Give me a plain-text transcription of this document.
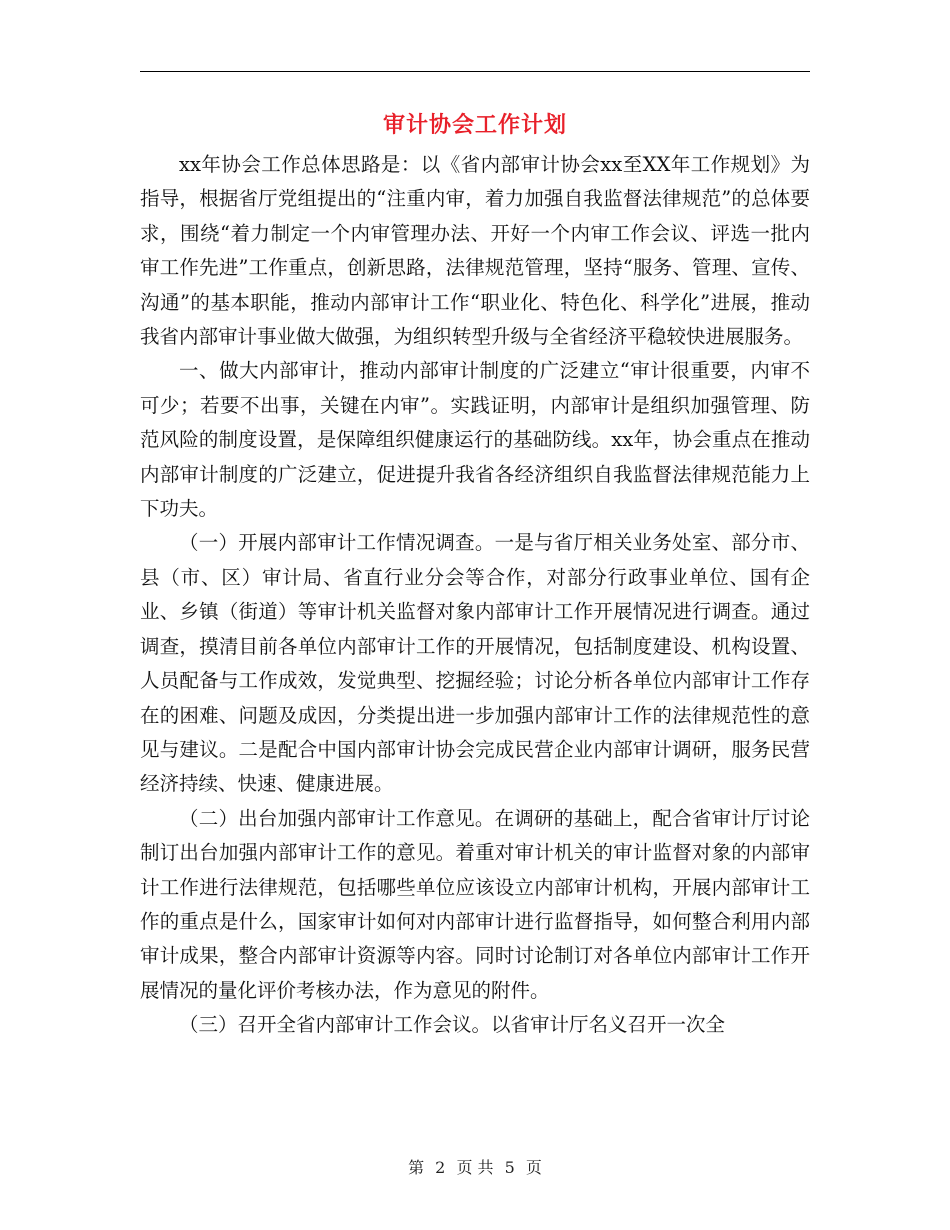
审计协会工作计划

xx年协会工作总体思路是：以《省内部审计协会xx至XX年工作规划》为指导，根据省厅党组提出的“注重内审，着力加强自我监督法律规范”的总体要求，围绕“着力制定一个内审管理办法、开好一个内审工作会议、评选一批内审工作先进”工作重点，创新思路，法律规范管理，坚持“服务、管理、宣传、沟通”的基本职能，推动内部审计工作“职业化、特色化、科学化”进展，推动我省内部审计事业做大做强，为组织转型升级与全省经济平稳较快进展服务。

一、做大内部审计，推动内部审计制度的广泛建立“审计很重要，内审不可少；若要不出事，关键在内审”。实践证明，内部审计是组织加强管理、防范风险的制度设置，是保障组织健康运行的基础防线。xx年，协会重点在推动内部审计制度的广泛建立，促进提升我省各经济组织自我监督法律规范能力上下功夫。

（一）开展内部审计工作情况调查。一是与省厅相关业务处室、部分市、县（市、区）审计局、省直行业分会等合作，对部分行政事业单位、国有企业、乡镇（街道）等审计机关监督对象内部审计工作开展情况进行调查。通过调查，摸清目前各单位内部审计工作的开展情况，包括制度建设、机构设置、人员配备与工作成效，发觉典型、挖掘经验；讨论分析各单位内部审计工作存在的困难、问题及成因，分类提出进一步加强内部审计工作的法律规范性的意见与建议。二是配合中国内部审计协会完成民营企业内部审计调研，服务民营经济持续、快速、健康进展。

（二）出台加强内部审计工作意见。在调研的基础上，配合省审计厅讨论制订出台加强内部审计工作的意见。着重对审计机关的审计监督对象的内部审计工作进行法律规范，包括哪些单位应该设立内部审计机构，开展内部审计工作的重点是什么，国家审计如何对内部审计进行监督指导，如何整合利用内部审计成果，整合内部审计资源等内容。同时讨论制订对各单位内部审计工作开展情况的量化评价考核办法，作为意见的附件。

（三）召开全省内部审计工作会议。以省审计厅名义召开一次全

第 2 页 共 5 页
